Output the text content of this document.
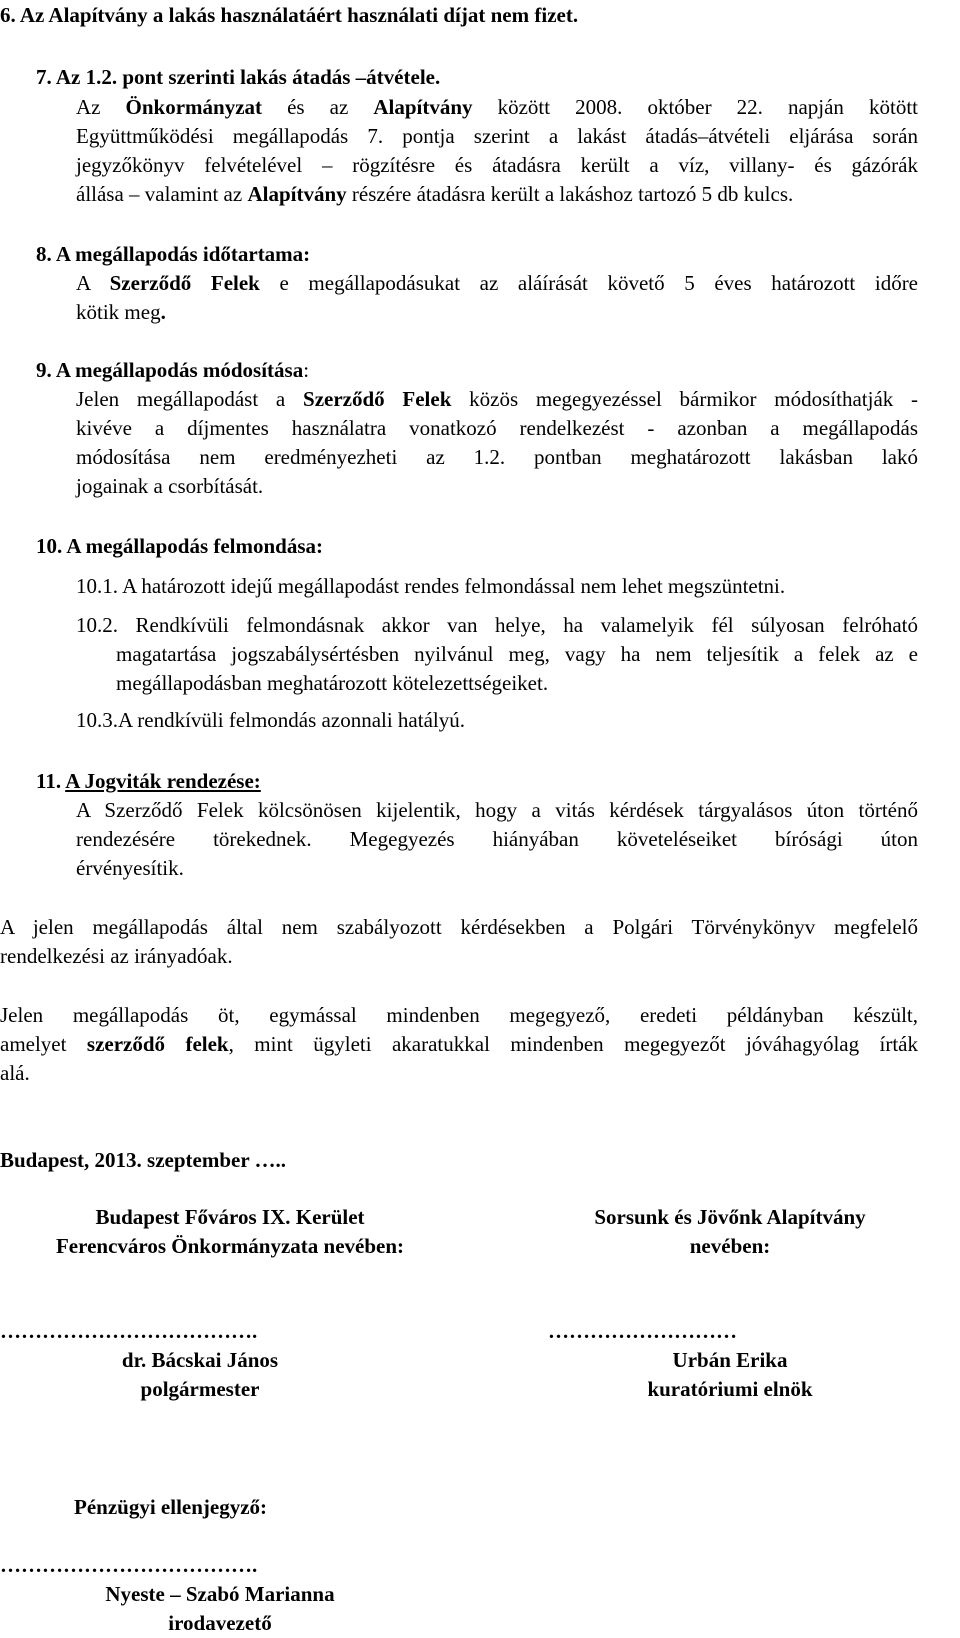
6. Az Alapítvány a lakás használatáért használati díjat nem fizet.
7. Az 1.2. pont szerinti lakás átadás –átvétele.
Az Önkormányzat és az Alapítvány között 2008. október 22. napján kötött
Együttműködési megállapodás 7. pontja szerint a lakást átadás–átvételi eljárása során
jegyzőkönyv felvételével – rögzítésre és átadásra került a víz, villany- és gázórák
állása – valamint az Alapítvány részére átadásra került a lakáshoz tartozó 5 db kulcs.
8. A megállapodás időtartama:
A Szerződő Felek e megállapodásukat az aláírását követő 5 éves határozott időre
kötik meg.
9. A megállapodás módosítása:
Jelen megállapodást a Szerződő Felek közös megegyezéssel bármikor módosíthatják -
kivéve a díjmentes használatra vonatkozó rendelkezést - azonban a megállapodás
módosítása nem eredményezheti az 1.2. pontban meghatározott lakásban lakó
jogainak a csorbítását.
10. A megállapodás felmondása:
10.1. A határozott idejű megállapodást rendes felmondással nem lehet megszüntetni.
10.2. Rendkívüli felmondásnak akkor van helye, ha valamelyik fél súlyosan felróható
magatartása jogszabálysértésben nyilvánul meg, vagy ha nem teljesítik a felek az e
megállapodásban meghatározott kötelezettségeiket.
10.3.A rendkívüli felmondás azonnali hatályú.
11. A Jogviták rendezése:
A Szerződő Felek kölcsönösen kijelentik, hogy a vitás kérdések tárgyalásos úton történő
rendezésére törekednek. Megegyezés hiányában követeléseiket bírósági úton
érvényesítik.
A jelen megállapodás által nem szabályozott kérdésekben a Polgári Törvénykönyv megfelelő
rendelkezési az irányadóak.
Jelen megállapodás öt, egymással mindenben megegyező, eredeti példányban készült,
amelyet szerződő felek, mint ügyleti akaratukkal mindenben megegyezőt jóváhagyólag írták
alá.
Budapest, 2013. szeptember …..
Budapest Főváros IX. Kerület
Ferencváros Önkormányzata nevében:
……………………………….
dr. Bácskai János
polgármester
Sorsunk és Jövőnk Alapítvány
nevében:
………………………
Urbán Erika
kuratóriumi elnök
Pénzügyi ellenjegyző:
……………………………….
Nyeste – Szabó Marianna
irodavezető
